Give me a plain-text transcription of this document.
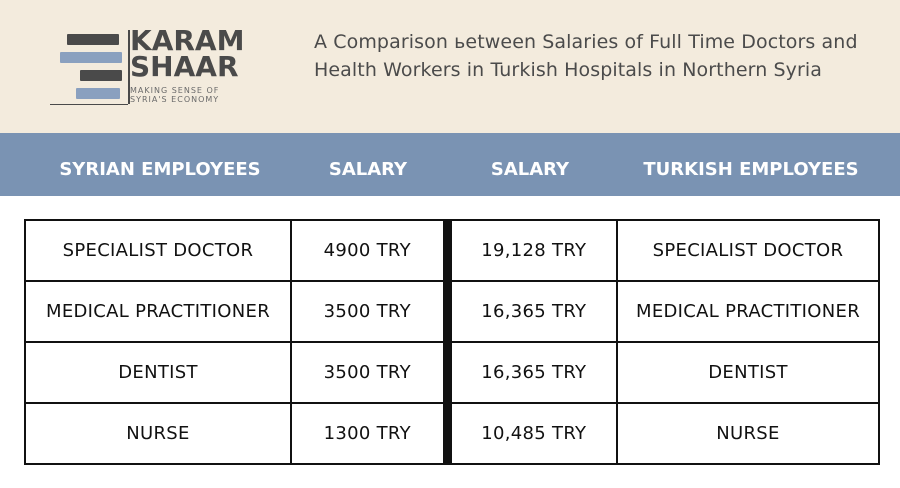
KARAM
SHAAR
MAKING SENSE OF
SYRIA'S ECONOMY
A Comparison ьetween Salaries of Full Time Doctors and Health Workers in Turkish Hospitals in Northern Syria
SYRIAN EMPLOYEES	SALARY	SALARY	TURKISH EMPLOYEES
SPECIALIST DOCTOR	4900 TRY	19,128 TRY	SPECIALIST DOCTOR
MEDICAL PRACTITIONER	3500 TRY	16,365 TRY	MEDICAL PRACTITIONER
DENTIST	3500 TRY	16,365 TRY	DENTIST
NURSE	1300 TRY	10,485 TRY	NURSE
